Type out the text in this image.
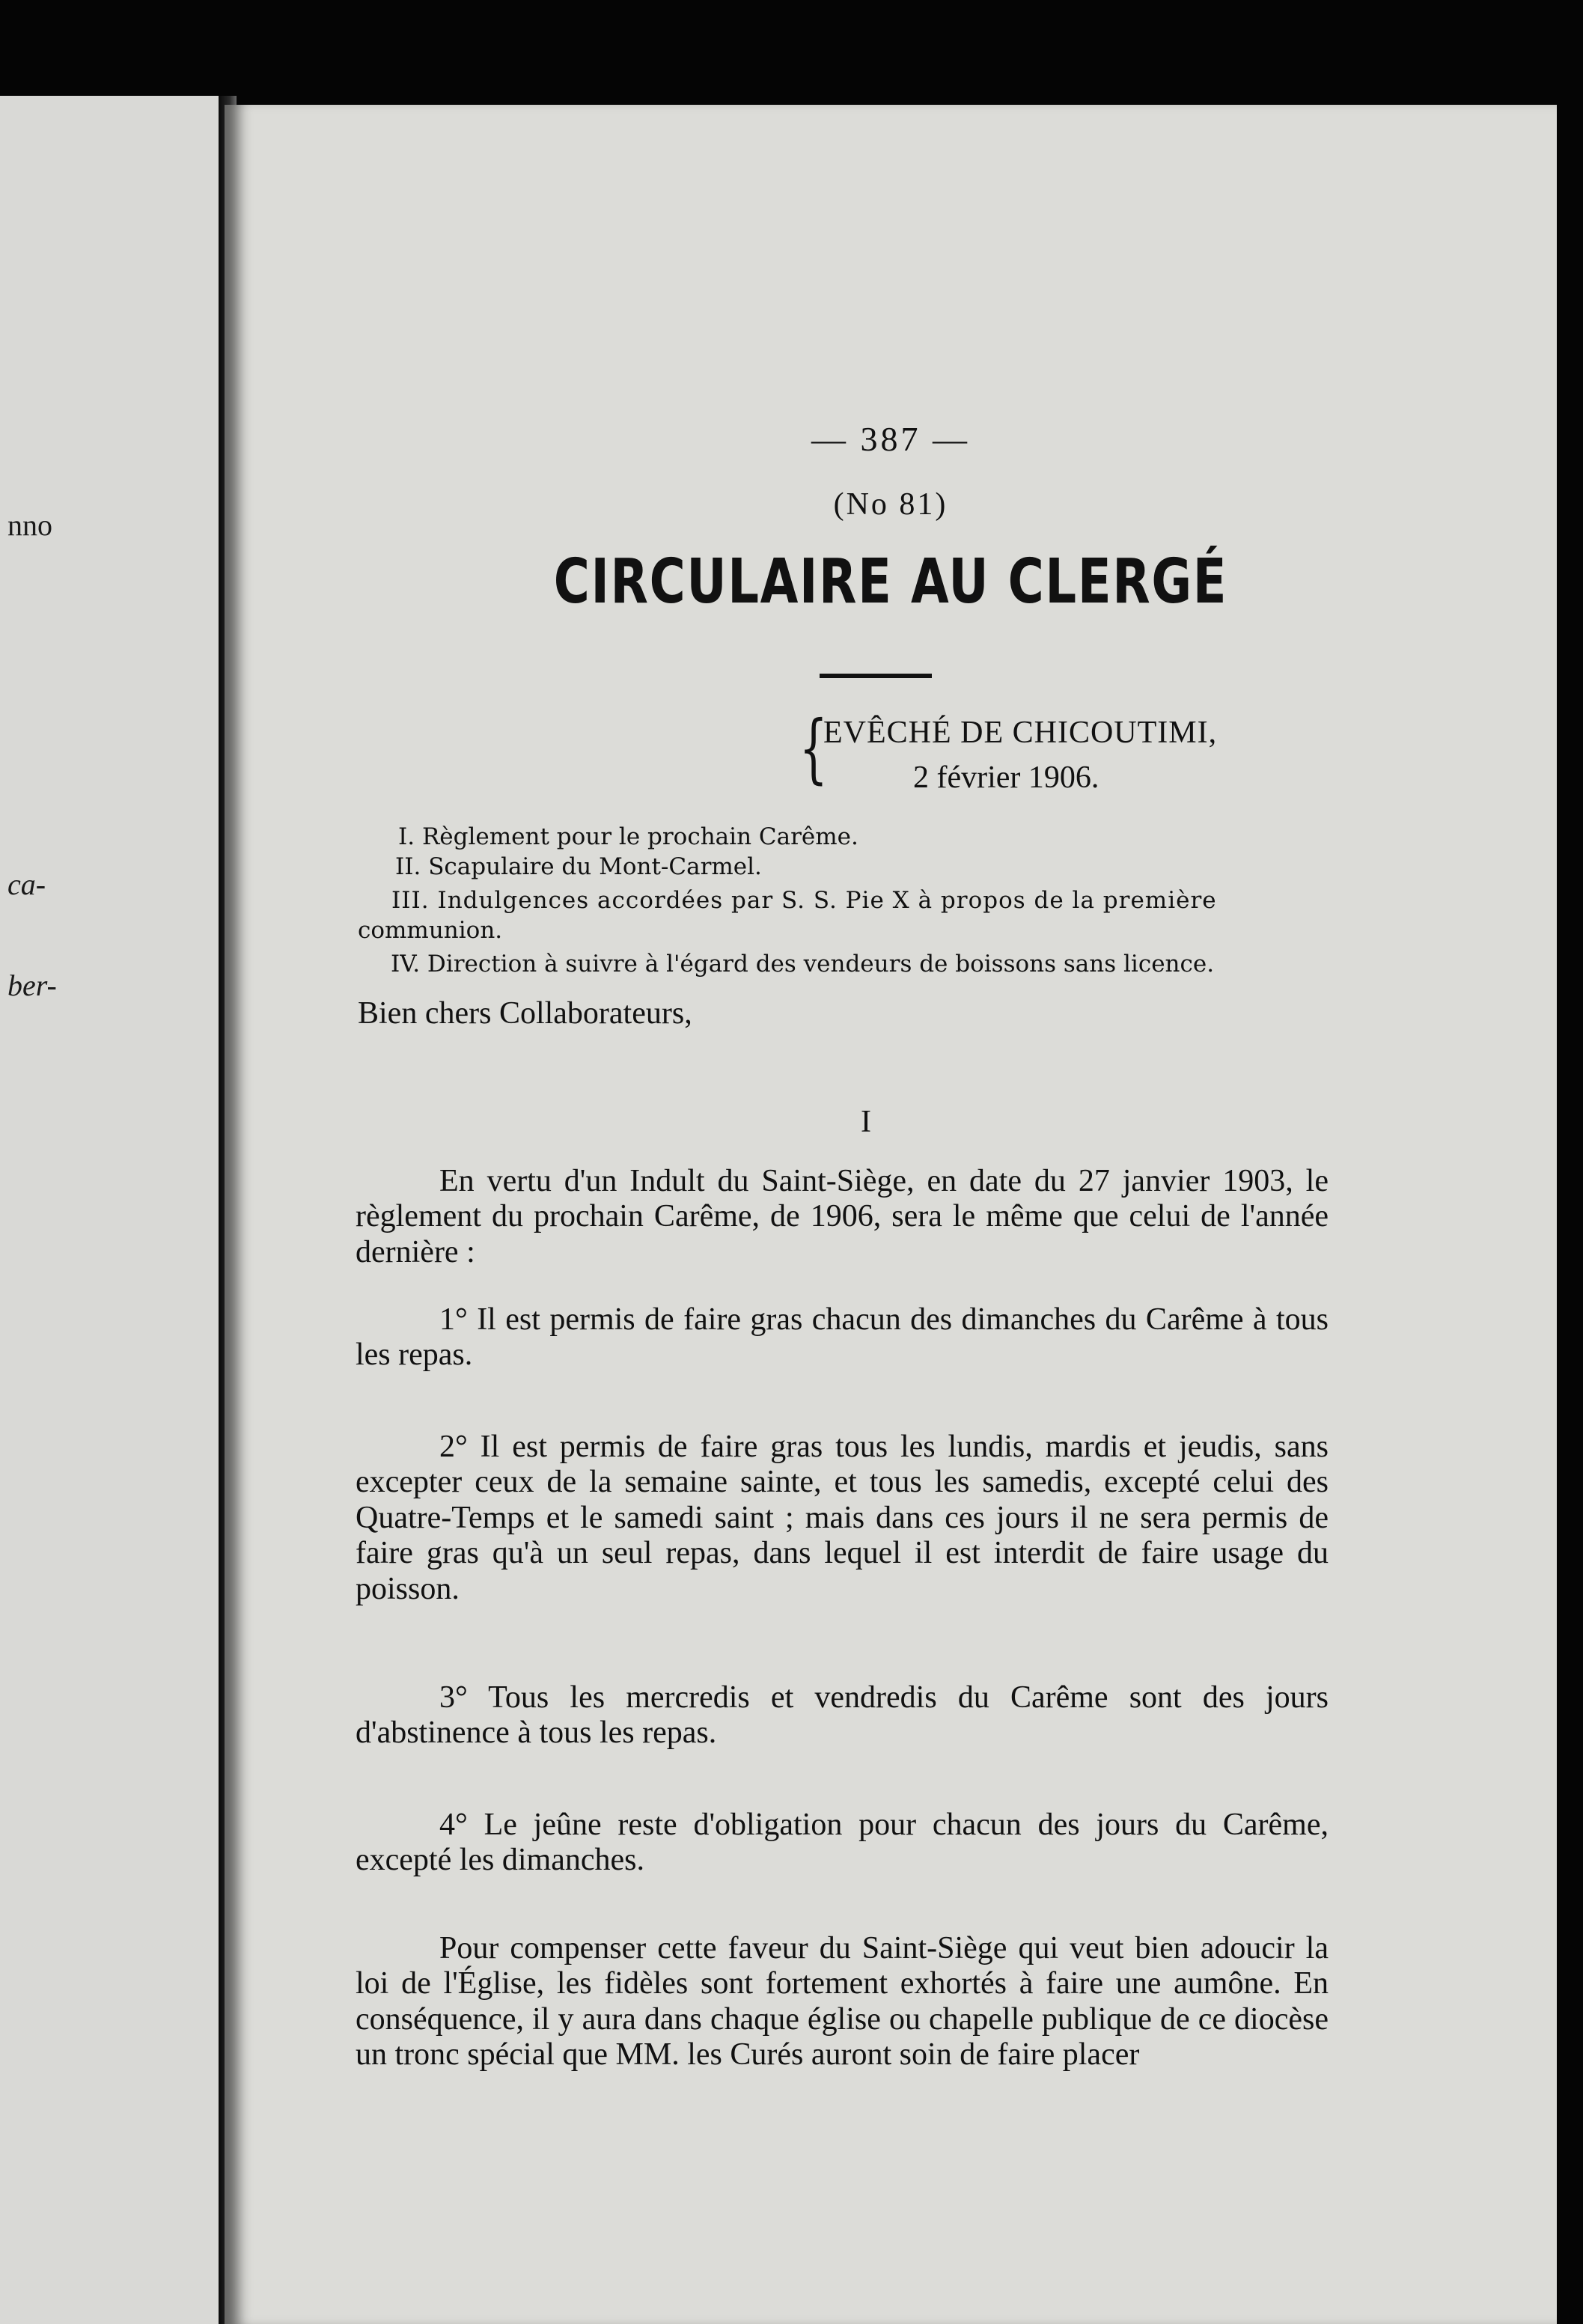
nno
ca-
ber-
— 387 —
(No 81)
CIRCULAIRE AU CLERGÉ
{
EVÊCHÉ DE CHICOUTIMI,
2 février 1906.
I. Règlement pour le prochain Carême.
II. Scapulaire du Mont-Carmel.
III. Indulgences accordées par S. S. Pie X à propos de la première
communion.
IV. Direction à suivre à l'égard des vendeurs de boissons sans licence.
Bien chers Collaborateurs,
I
En vertu d'un Indult du Saint-Siège, en date du 27 janvier 1903, le règlement du prochain Carême, de 1906, sera le même que celui de l'année dernière :
1° Il est permis de faire gras chacun des dimanches du Carême à tous les repas.
2° Il est permis de faire gras tous les lundis, mardis et jeudis, sans excepter ceux de la semaine sainte, et tous les samedis, excepté celui des Quatre-Temps et le samedi saint ; mais dans ces jours il ne sera permis de faire gras qu'à un seul repas, dans lequel il est interdit de faire usage du poisson.
3° Tous les mercredis et vendredis du Carême sont des jours d'abstinence à tous les repas.
4° Le jeûne reste d'obligation pour chacun des jours du Carême, excepté les dimanches.
Pour compenser cette faveur du Saint-Siège qui veut bien adoucir la loi de l'Église, les fidèles sont fortement exhortés à faire une aumône. En conséquence, il y aura dans chaque église ou chapelle publique de ce diocèse un tronc spécial que MM. les Curés auront soin de faire placer
